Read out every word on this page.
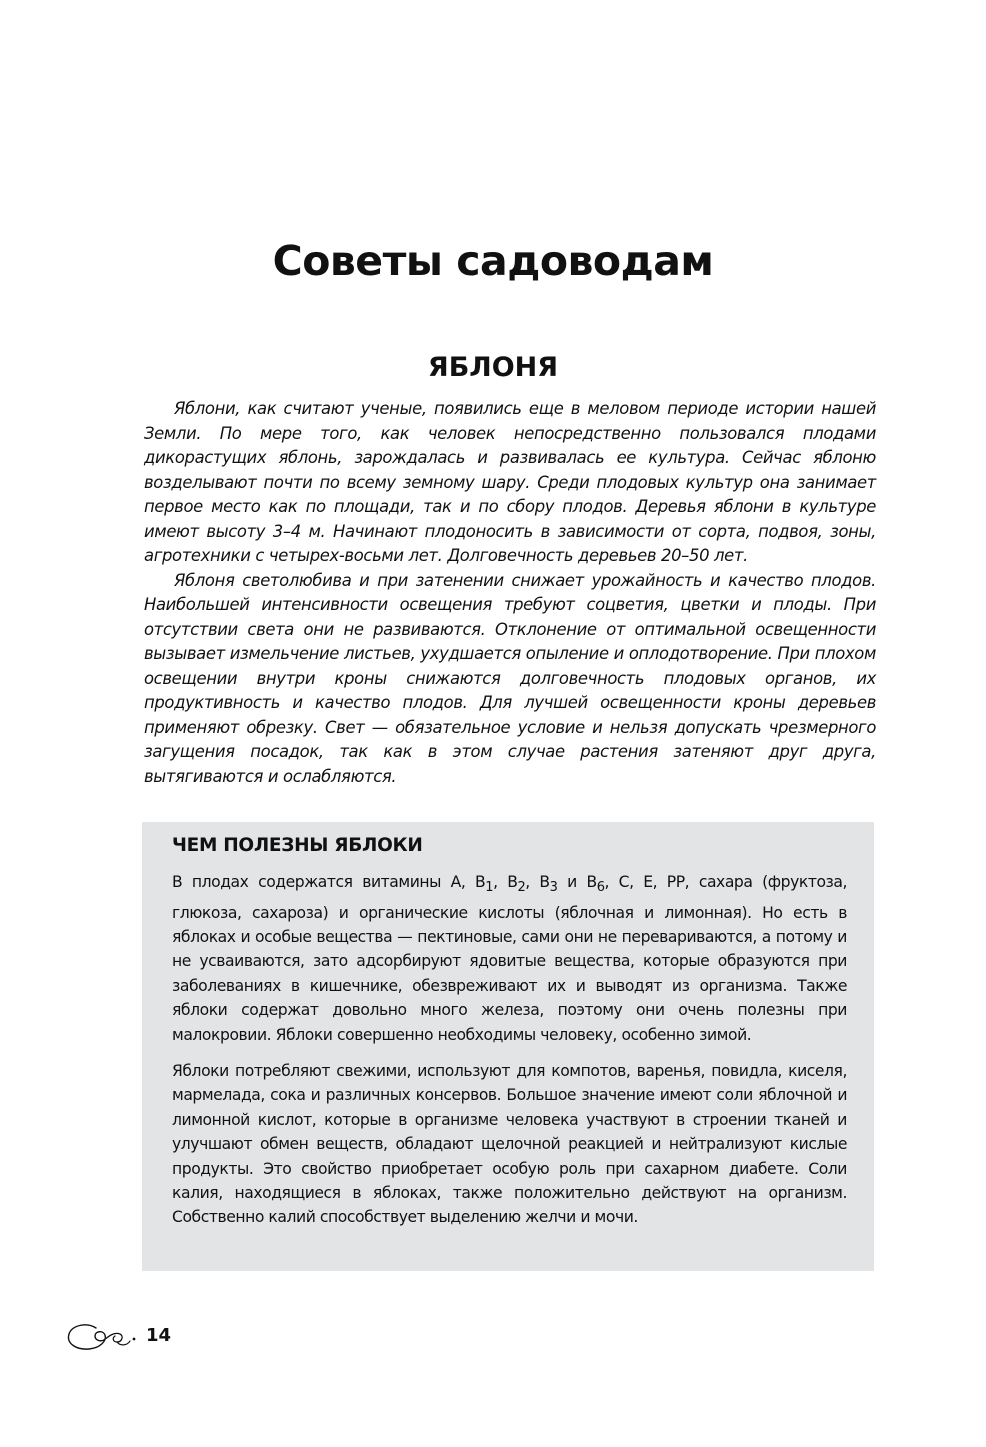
Советы садоводам
ЯБЛОНЯ

Яблони, как считают ученые, появились еще в меловом периоде истории нашей Земли. По мере того, как человек непосредственно пользовался плодами дикорастущих яблонь, зарождалась и развивалась ее культура. Сейчас яблоню возделывают почти по всему земному шару. Среди плодовых культур она занимает первое место как по площади, так и по сбору плодов. Деревья яблони в культуре имеют высоту 3–4 м. Начинают плодоносить в зависимости от сорта, подвоя, зоны, агротехники с четырех-восьми лет. Долговечность деревьев 20–50 лет.

Яблоня светолюбива и при затенении снижает урожайность и качество плодов. Наибольшей интенсивности освещения требуют соцветия, цветки и плоды. При отсутствии света они не развиваются. Отклонение от оптимальной освещенности вызывает измельчение листьев, ухудшается опыление и оплодотворение. При плохом освещении внутри кроны снижаются долговечность плодовых органов, их продуктивность и качество плодов. Для лучшей освещенности кроны деревьев применяют обрезку. Свет — обязательное условие и нельзя допускать чрезмерного загущения посадок, так как в этом случае растения затеняют друг друга, вытягиваются и ослабляются.

ЧЕМ ПОЛЕЗНЫ ЯБЛОКИ

В плодах содержатся витамины А, $В_1$, $В_2$, $В_3$ и $В_6$, С, Е, РР, сахара (фруктоза, глюкоза, сахароза) и органические кислоты (яблочная и лимонная). Но есть в яблоках и особые вещества — пектиновые, сами они не перевариваются, а потому и не усваиваются, зато адсорбируют ядовитые вещества, которые образуются при заболеваниях в кишечнике, обезвреживают их и выводят из организма. Также яблоки содержат довольно много железа, поэтому они очень полезны при малокровии. Яблоки совершенно необходимы человеку, особенно зимой.

Яблоки потребляют свежими, используют для компотов, варенья, повидла, киселя, мармелада, сока и различных консервов. Большое значение имеют соли яблочной и лимонной кислот, которые в организме человека участвуют в строении тканей и улучшают обмен веществ, обладают щелочной реакцией и нейтрализуют кислые продукты. Это свойство приобретает особую роль при сахарном диабете. Соли калия, находящиеся в яблоках, также положительно действуют на организм. Собственно калий способствует выделению желчи и мочи.

14
